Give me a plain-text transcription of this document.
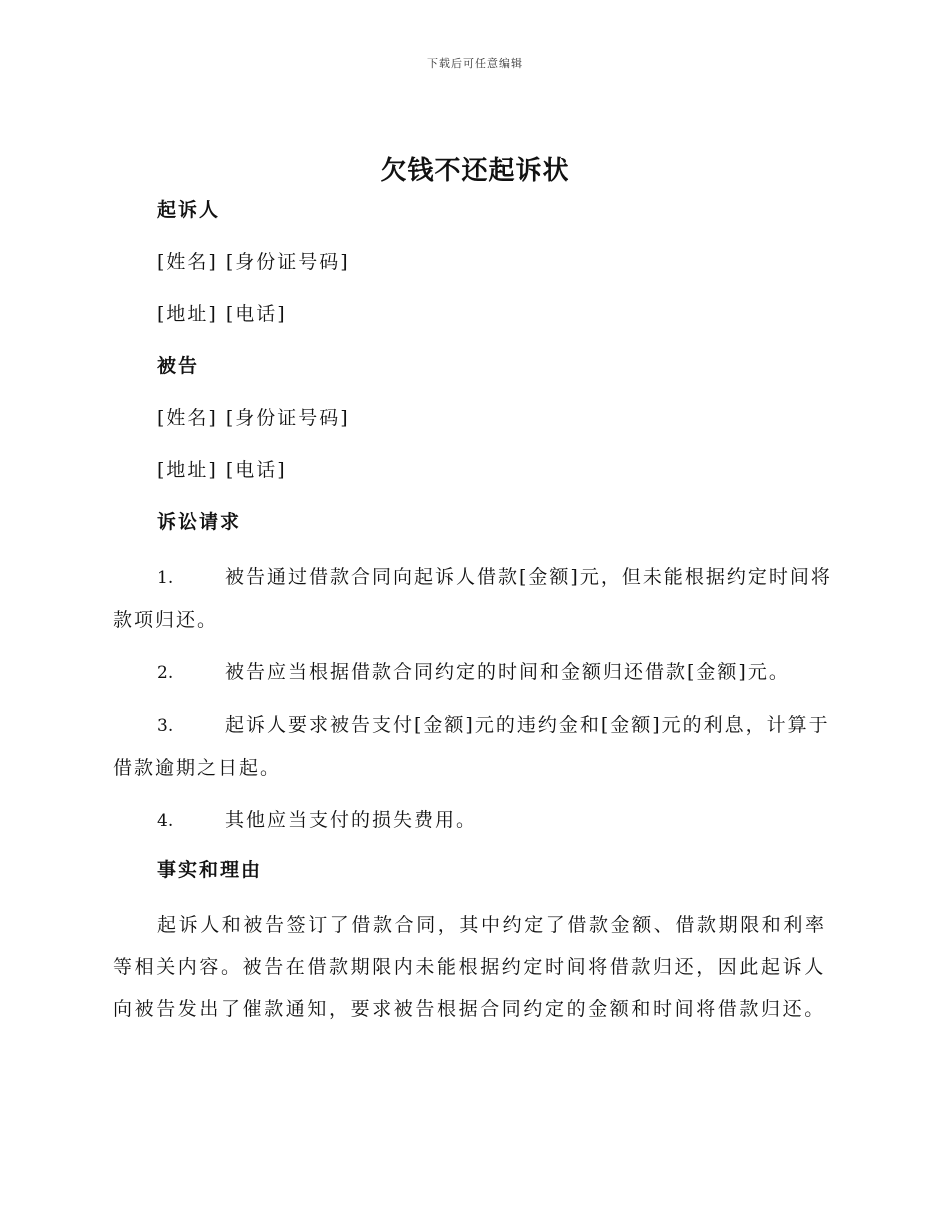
下载后可任意编辑
欠钱不还起诉状
起诉人
[姓名] [身份证号码]
[地址] [电话]
被告
[姓名] [身份证号码]
[地址] [电话]
诉讼请求
1.	被告通过借款合同向起诉人借款[金额]元，但未能根据约定时间将款项归还。
2.	被告应当根据借款合同约定的时间和金额归还借款[金额]元。
3.	起诉人要求被告支付[金额]元的违约金和[金额]元的利息，计算于借款逾期之日起。
4.	其他应当支付的损失费用。
事实和理由

起诉人和被告签订了借款合同，其中约定了借款金额、借款期限和利率等相关内容。被告在借款期限内未能根据约定时间将借款归还，因此起诉人向被告发出了催款通知，要求被告根据合同约定的金额和时间将借款归还。
